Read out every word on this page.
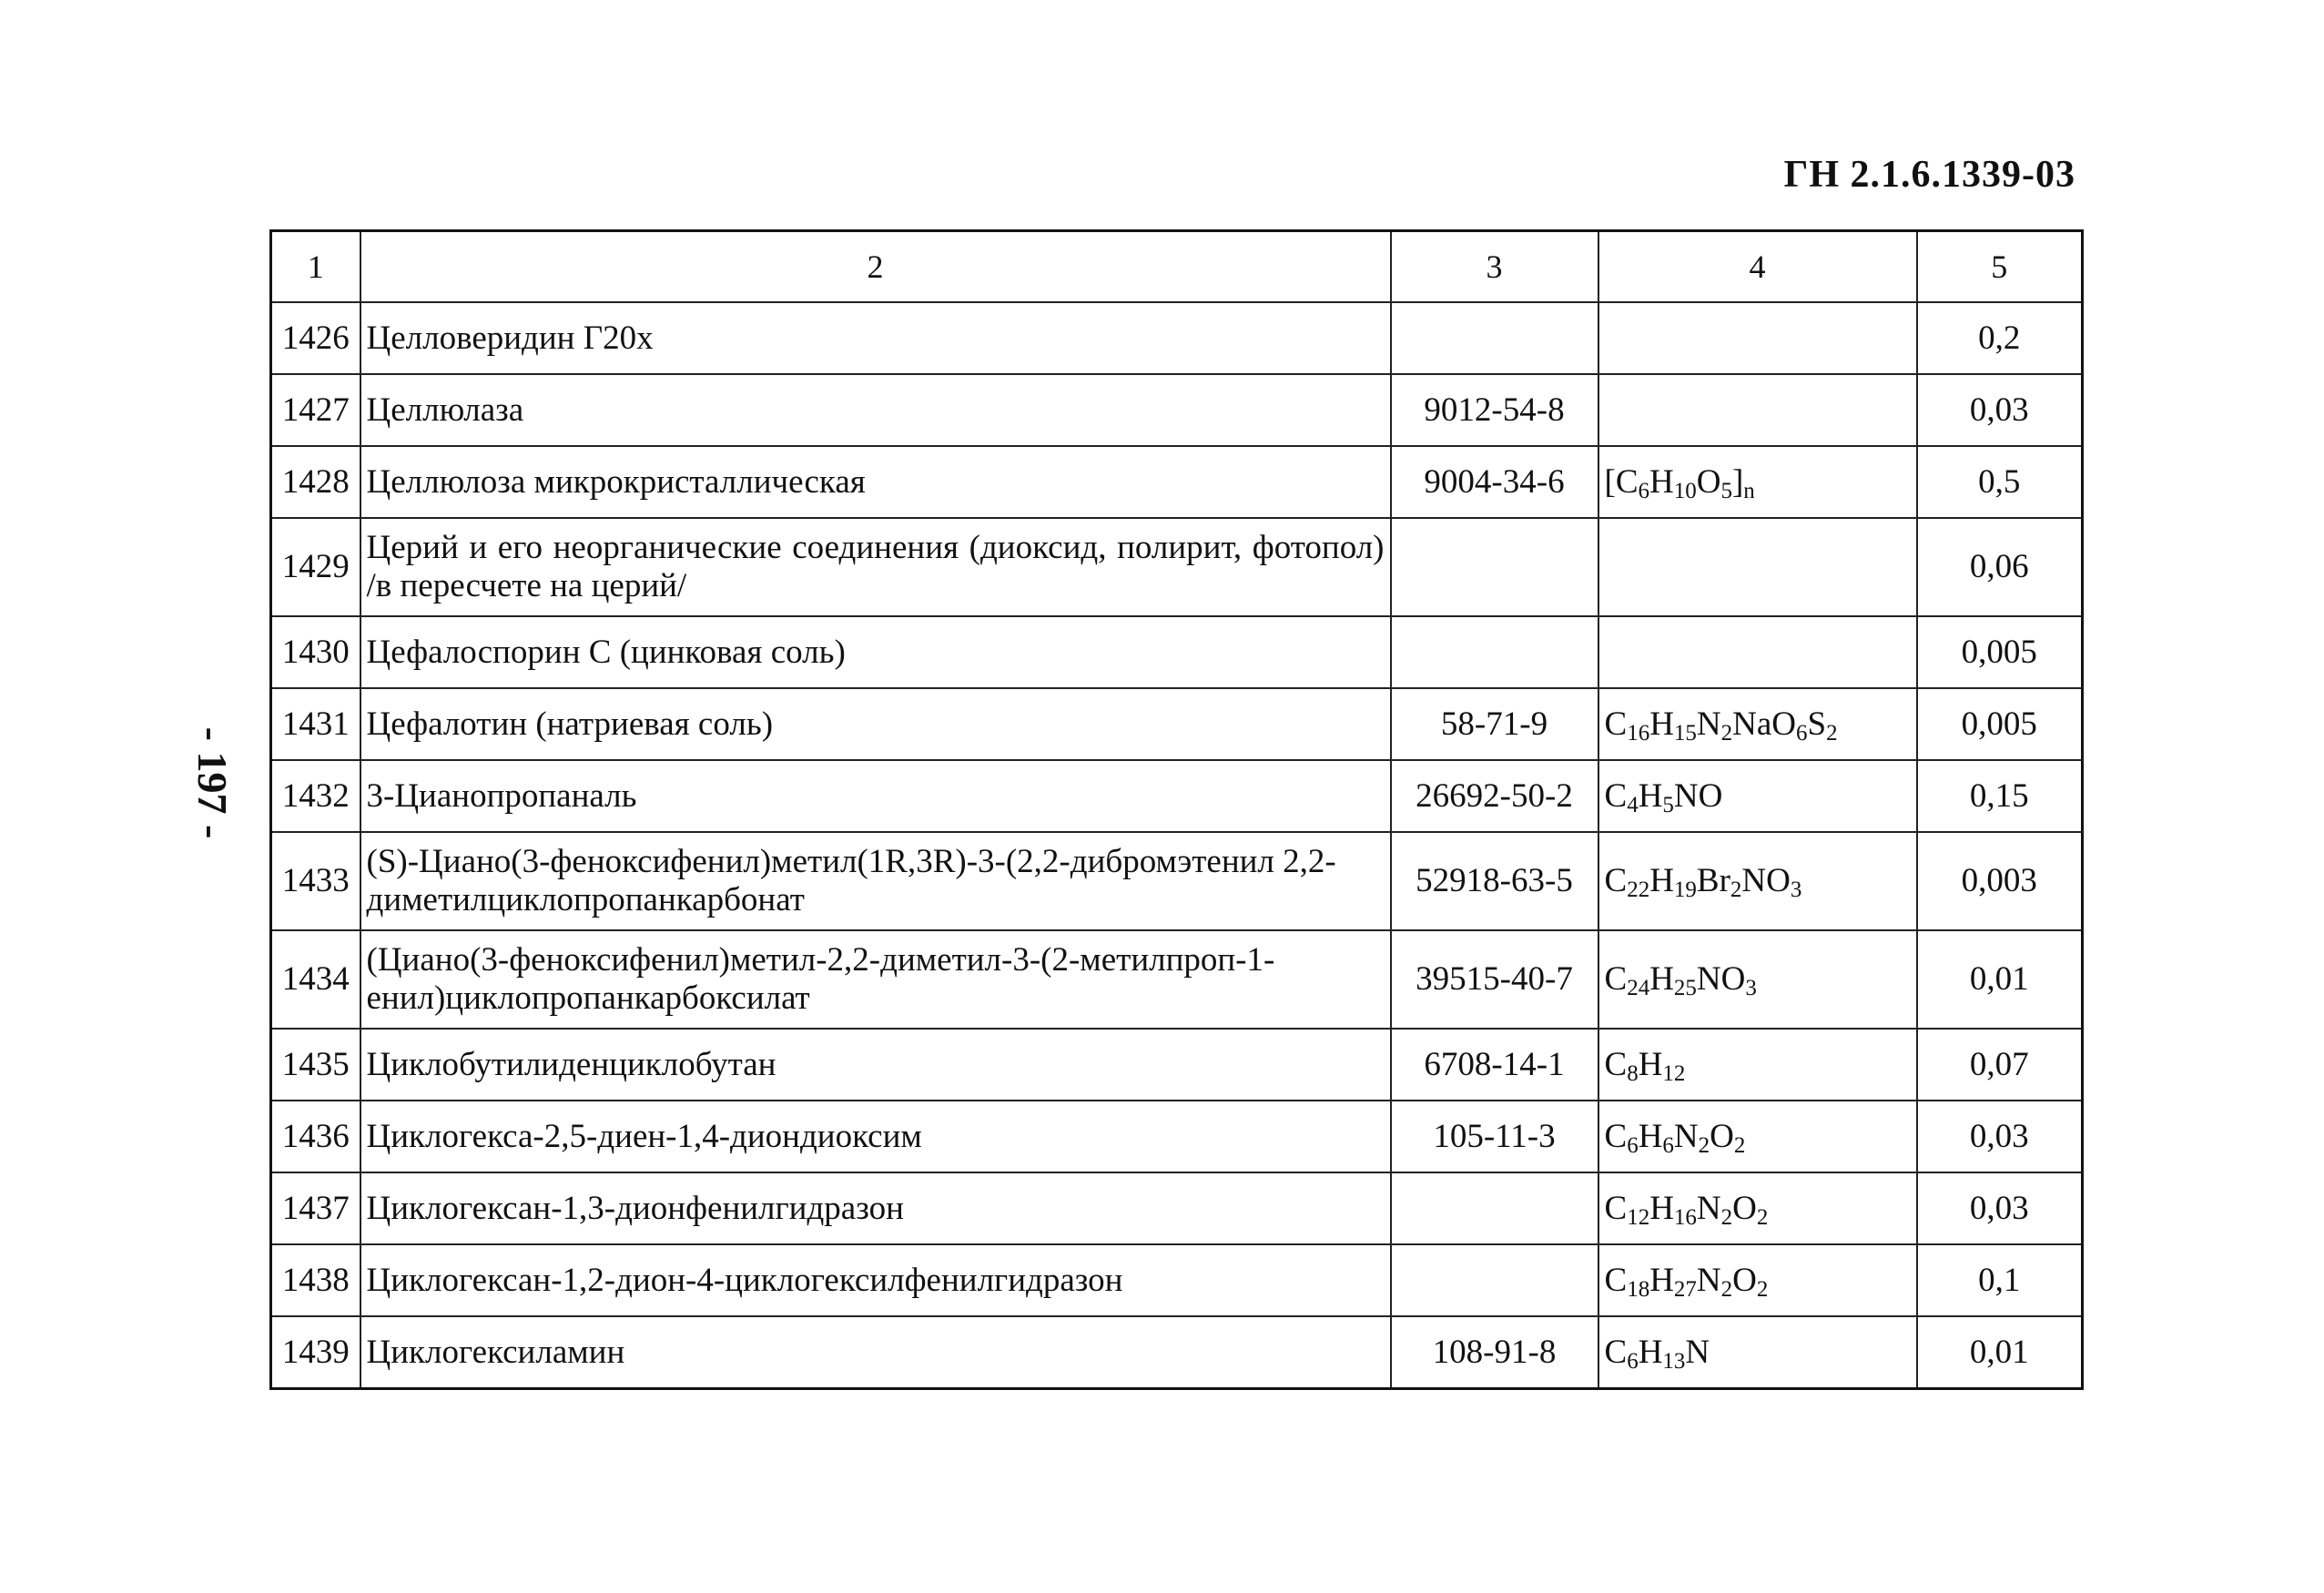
ГН 2.1.6.1339-03
- 197 -
1	2	3	4	5
1426	Целловеридин Г20х			0,2
1427	Целлюлаза	9012-54-8		0,03
1428	Целлюлоза микрокристаллическая	9004-34-6	$[C_6H_{10}O_5]_n$	0,5
1429	Церий и его неорганические соединения (диоксид, полирит, фотопол) /в пересчете на церий/			0,06
1430	Цефалоспорин С (цинковая соль)			0,005
1431	Цефалотин (натриевая соль)	58-71-9	$C_{16}H_{15}N_2NaO_6S_2$	0,005
1432	3-Цианопропаналь	26692-50-2	$C_4H_5NO$	0,15
1433	(S)-Циано(3-феноксифенил)метил(1R,3R)-3-(2,2-дибромэтенил 2,2-диметилциклопропанкарбонат	52918-63-5	$C_{22}H_{19}Br_2NO_3$	0,003
1434	(Циано(3-феноксифенил)метил-2,2-диметил-3-(2-метилпроп-1-енил)циклопропанкарбоксилат	39515-40-7	$C_{24}H_{25}NO_3$	0,01
1435	Циклобутилиденциклобутан	6708-14-1	$C_8H_{12}$	0,07
1436	Циклогекса-2,5-диен-1,4-диондиоксим	105-11-3	$C_6H_6N_2O_2$	0,03
1437	Циклогексан-1,3-дионфенилгидразон		$C_{12}H_{16}N_2O_2$	0,03
1438	Циклогексан-1,2-дион-4-циклогексилфенилгидразон		$C_{18}H_{27}N_2O_2$	0,1
1439	Циклогексиламин	108-91-8	$C_6H_{13}N$	0,01
